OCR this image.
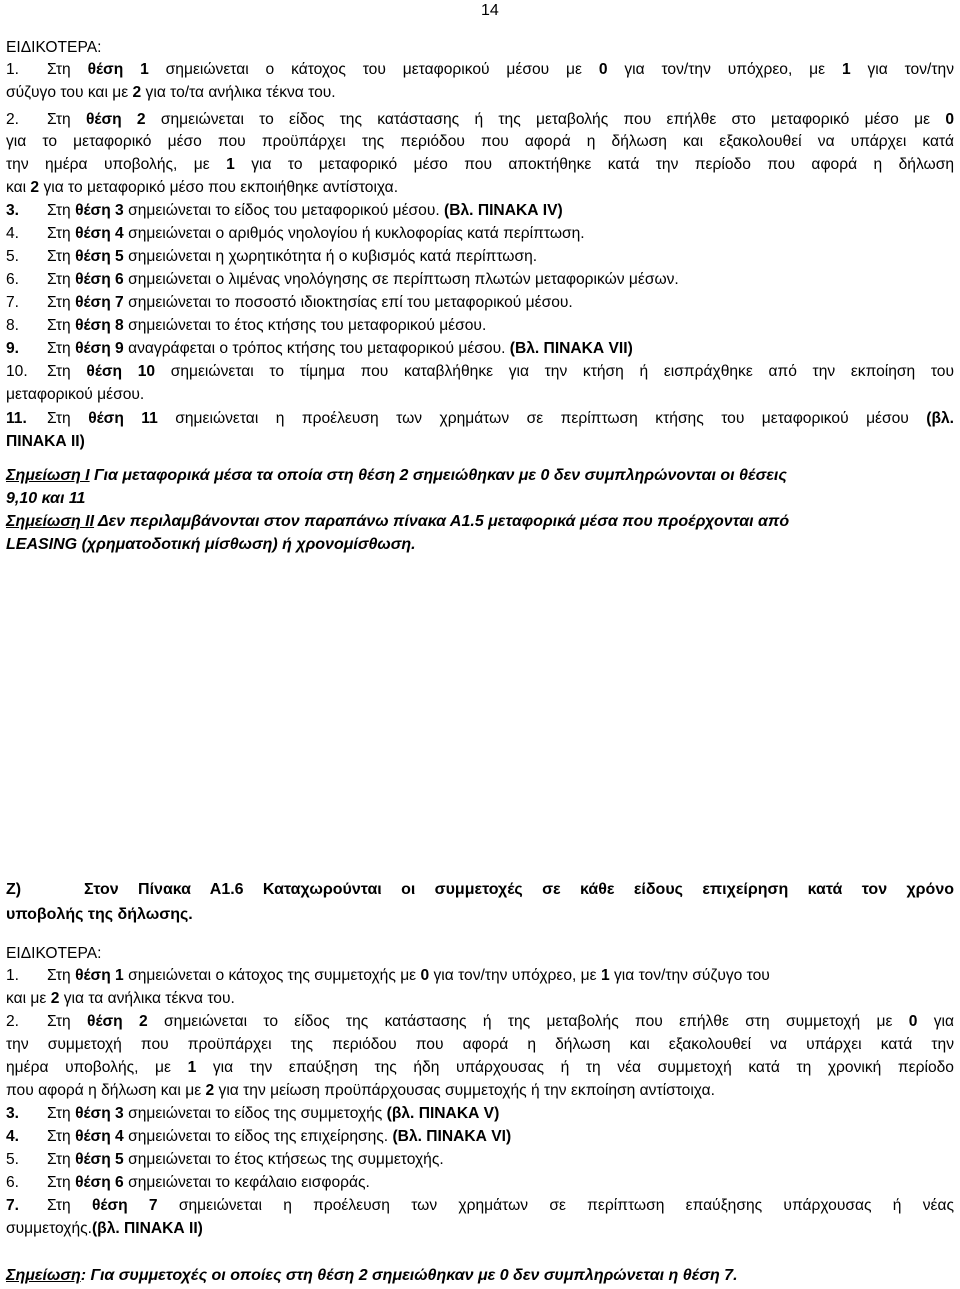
14
ΕΙΔΙΚΟΤΕΡΑ:
1. Στη θέση 1 σημειώνεται ο κάτοχος του μεταφορικού μέσου με 0 για τον/την υπόχρεο, με 1 για τον/την
σύζυγο του και με 2 για το/τα ανήλικα τέκνα του.
2. Στη θέση 2 σημειώνεται το είδος της κατάστασης ή της μεταβολής που επήλθε στο μεταφορικό μέσο με 0
για το μεταφορικό μέσο που προϋπάρχει της περιόδου που αφορά η δήλωση και εξακολουθεί να υπάρχει κατά
την ημέρα υποβολής, με 1 για το μεταφορικό μέσο που αποκτήθηκε κατά την περίοδο που αφορά η δήλωση
και 2 για το μεταφορικό μέσο που εκποιήθηκε αντίστοιχα.
3. Στη θέση 3 σημειώνεται το είδος του μεταφορικού μέσου. (Βλ. ΠΙΝΑΚΑ IV)
4. Στη θέση 4 σημειώνεται ο αριθμός νηολογίου ή κυκλοφορίας κατά περίπτωση.
5. Στη θέση 5 σημειώνεται η χωρητικότητα ή ο κυβισμός κατά περίπτωση.
6. Στη θέση 6 σημειώνεται ο λιμένας νηολόγησης σε περίπτωση πλωτών μεταφορικών μέσων.
7. Στη θέση 7 σημειώνεται το ποσοστό ιδιοκτησίας επί του μεταφορικού μέσου.
8. Στη θέση 8 σημειώνεται το έτος κτήσης του μεταφορικού μέσου.
9. Στη θέση 9 αναγράφεται ο τρόπος κτήσης του μεταφορικού μέσου. (Βλ. ΠΙΝΑΚΑ VII)
10. Στη θέση 10 σημειώνεται το τίμημα που καταβλήθηκε για την κτήση ή εισπράχθηκε από την εκποίηση του
μεταφορικού μέσου.
11. Στη θέση 11 σημειώνεται η προέλευση των χρημάτων σε περίπτωση κτήσης του μεταφορικού μέσου (βλ.
ΠΙΝΑΚΑ II)
Σημείωση Ι Για μεταφορικά μέσα τα οποία στη θέση 2 σημειώθηκαν με 0 δεν συμπληρώνονται οι θέσεις
9,10 και 11
Σημείωση ΙΙ Δεν περιλαμβάνονται στον παραπάνω πίνακα Α1.5 μεταφορικά μέσα που προέρχονται από
LEASING (χρηματοδοτική μίσθωση) ή χρονομίσθωση.
Ζ)	Στον Πίνακα Α1.6 Καταχωρούνται οι συμμετοχές σε κάθε είδους επιχείρηση κατά τον χρόνο
υποβολής της δήλωσης.
ΕΙΔΙΚΟΤΕΡΑ:
1. Στη θέση 1 σημειώνεται ο κάτοχος της συμμετοχής με 0 για τον/την υπόχρεο, με 1 για τον/την σύζυγο του
και με 2 για τα ανήλικα τέκνα του.
2. Στη θέση 2 σημειώνεται το είδος της κατάστασης ή της μεταβολής που επήλθε στη συμμετοχή με 0 για
την συμμετοχή που προϋπάρχει της περιόδου που αφορά η δήλωση και εξακολουθεί να υπάρχει κατά την
ημέρα υποβολής, με 1 για την επαύξηση της ήδη υπάρχουσας ή τη νέα συμμετοχή κατά τη χρονική περίοδο
που αφορά η δήλωση και με 2 για την μείωση προϋπάρχουσας συμμετοχής ή την εκποίηση αντίστοιχα.
3. Στη θέση 3 σημειώνεται το είδος της συμμετοχής (βλ. ΠΙΝΑΚΑ V)
4. Στη θέση 4 σημειώνεται το είδος της επιχείρησης. (Βλ. ΠΙΝΑΚΑ VI)
5. Στη θέση 5 σημειώνεται το έτος κτήσεως της συμμετοχής.
6. Στη θέση 6 σημειώνεται το κεφάλαιο εισφοράς.
7. Στη θέση 7 σημειώνεται η προέλευση των χρημάτων σε περίπτωση επαύξησης υπάρχουσας ή νέας
συμμετοχής.(βλ. ΠΙΝΑΚΑ II)
Σημείωση: Για συμμετοχές οι οποίες στη θέση 2 σημειώθηκαν με 0 δεν συμπληρώνεται η θέση 7.
